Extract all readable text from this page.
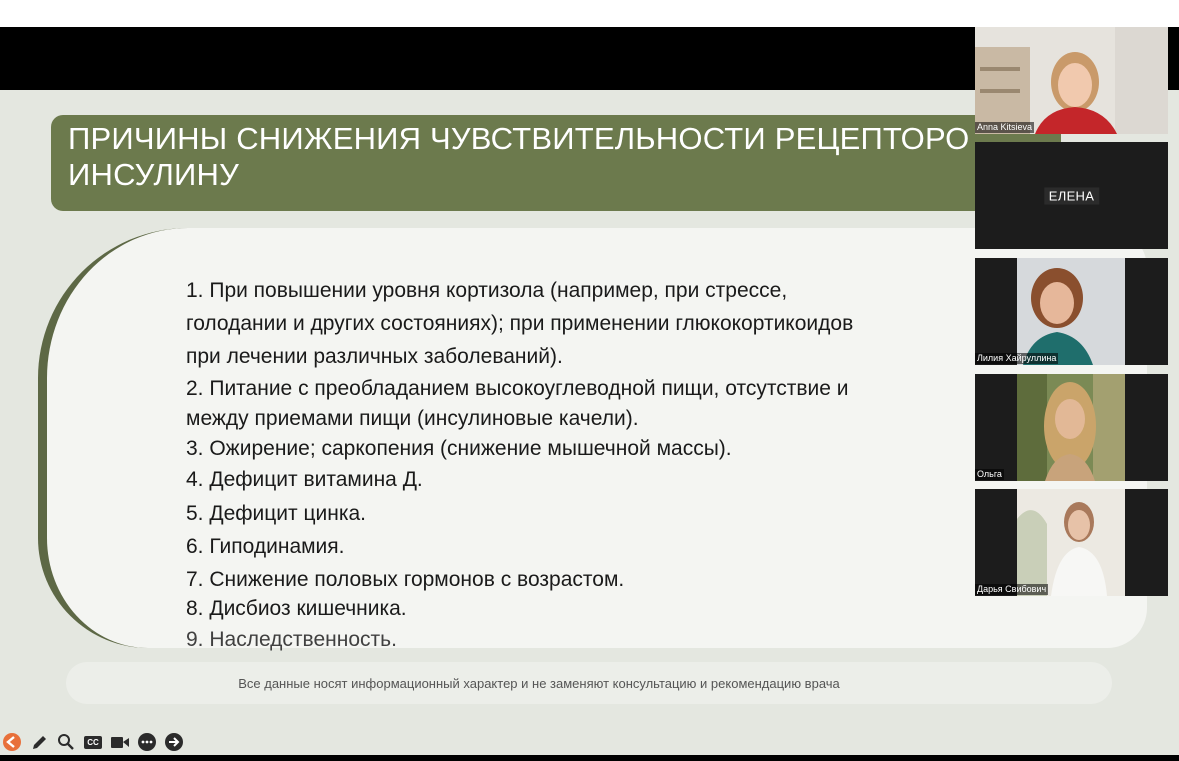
ПРИЧИНЫ СНИЖЕНИЯ ЧУВСТВИТЕЛЬНОСТИ РЕЦЕПТОРО
ИНСУЛИНУ
1. При повышении уровня кортизола (например, при стрессе,
голодании и других состояниях); при применении глюкокортикоидов
при лечении различных заболеваний).
2. Питание с преобладанием высокоуглеводной пищи, отсутствие и
между приемами пищи (инсулиновые качели).
3. Ожирение; саркопения (снижение мышечной массы).
4. Дефицит витамина Д.
5. Дефицит цинка.
6. Гиподинамия.
7. Снижение половых гормонов с возрастом.
8. Дисбиоз кишечника.
9. Наследственность.
Все данные носят информационный характер и не заменяют консультацию и рекомендацию врача
Anna Kitsieva
ЕЛЕНА
Лилия Хайруллина
Ольга
Дарья Свибович
CC
